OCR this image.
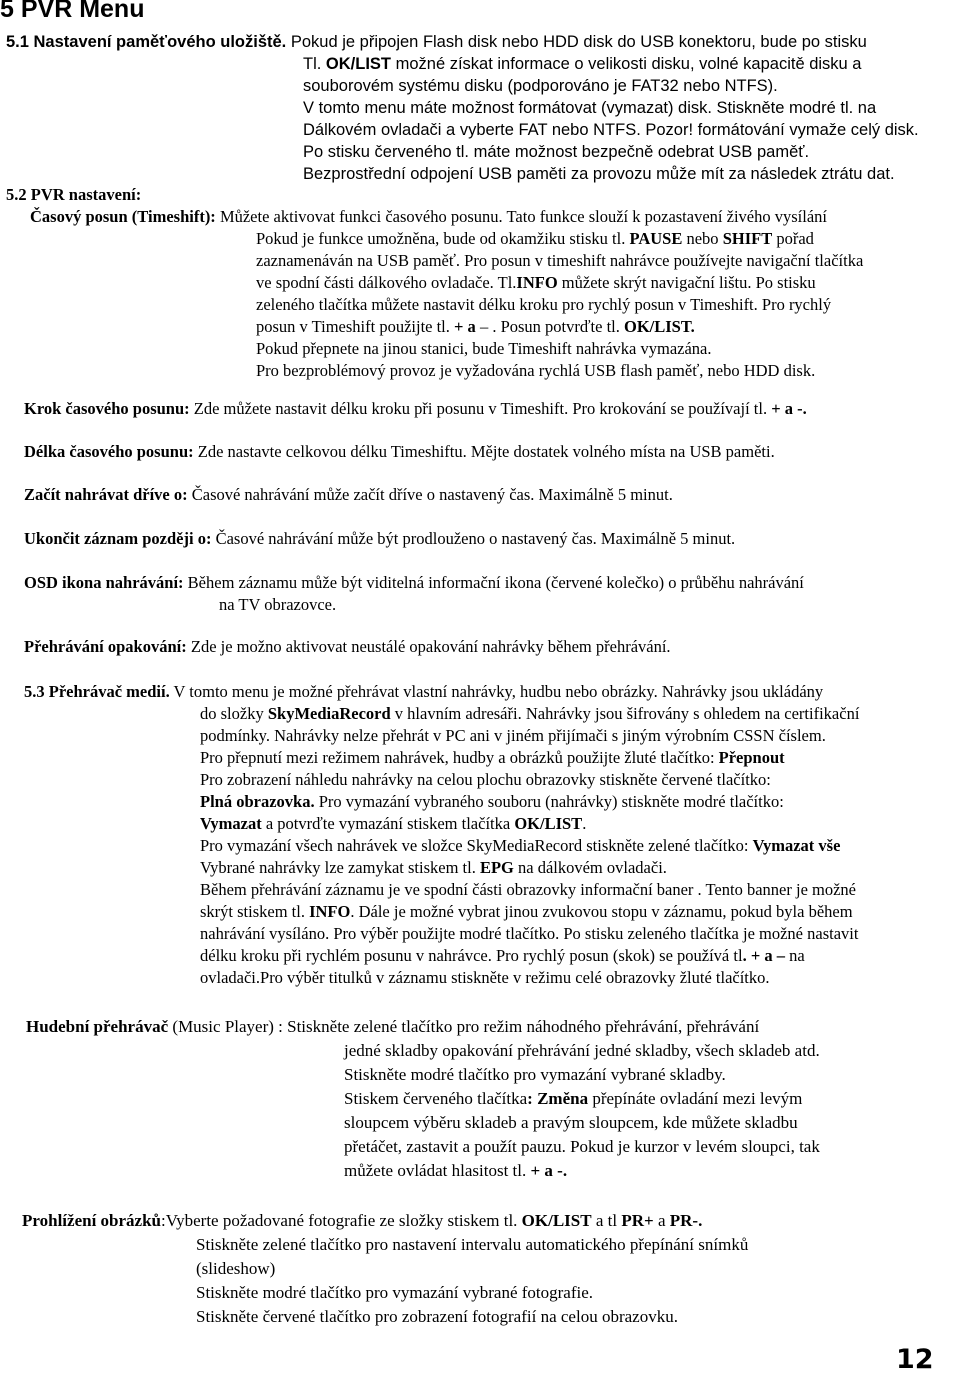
5 PVR Menu
5.1 Nastavení paměťového uložiště. Pokud je připojen Flash disk nebo HDD disk do USB konektoru, bude po stisku
Tl. OK/LIST možné získat informace o velikosti disku, volné kapacitě disku a
souborovém systému disku (podporováno je FAT32 nebo NTFS).
V tomto menu máte možnost formátovat (vymazat) disk. Stiskněte modré tl. na
Dálkovém ovladači a vyberte FAT nebo NTFS. Pozor! formátování vymaže celý disk.
Po stisku červeného tl. máte možnost bezpečně odebrat USB paměť.
Bezprostřední odpojení USB paměti za provozu může mít za následek ztrátu dat.
5.2 PVR nastavení:
Časový posun (Timeshift): Můžete aktivovat funkci časového posunu. Tato funkce slouží k pozastavení živého vysílání
Pokud je funkce umožněna, bude od okamžiku stisku tl. PAUSE nebo SHIFT pořad
zaznamenáván na USB paměť. Pro posun v timeshift nahrávce používejte navigační tlačítka
ve spodní části dálkového ovladače. Tl.INFO můžete skrýt navigační lištu. Po stisku
zeleného tlačítka můžete nastavit délku kroku pro rychlý posun v Timeshift. Pro rychlý
posun v Timeshift použijte tl. + a – . Posun potvrďte tl. OK/LIST.
Pokud přepnete na jinou stanici, bude Timeshift nahrávka vymazána.
Pro bezproblémový provoz je vyžadována rychlá USB flash paměť, nebo HDD disk.
Krok časového posunu: Zde můžete nastavit délku kroku při posunu v Timeshift. Pro krokování se používají tl. + a -.
Délka časového posunu: Zde nastavte celkovou délku Timeshiftu. Mějte dostatek volného místa na USB paměti.
Začít nahrávat dříve o: Časové nahrávání může začít dříve o nastavený čas. Maximálně 5 minut.
Ukončit záznam později o: Časové nahrávání může být prodlouženo o nastavený čas. Maximálně 5 minut.
OSD ikona nahrávání: Během záznamu může být viditelná informační ikona (červené kolečko) o průběhu nahrávání
na TV obrazovce.
Přehrávání opakování: Zde je možno aktivovat neustálé opakování nahrávky během přehrávání.
5.3 Přehrávač medií. V tomto menu je možné přehrávat vlastní nahrávky, hudbu nebo obrázky. Nahrávky jsou ukládány
do složky SkyMediaRecord v hlavním adresáři. Nahrávky jsou šifrovány s ohledem na certifikační
podmínky. Nahrávky nelze přehrát v PC ani v jiném přijímači s jiným výrobním CSSN číslem.
Pro přepnutí mezi režimem nahrávek, hudby a obrázků použijte žluté tlačítko: Přepnout
Pro zobrazení náhledu nahrávky na celou plochu obrazovky stiskněte červené tlačítko:
Plná obrazovka. Pro vymazání vybraného souboru (nahrávky) stiskněte modré tlačítko:
Vymazat a potvrďte vymazání stiskem tlačítka OK/LIST.
Pro vymazání všech nahrávek ve složce SkyMediaRecord stiskněte zelené tlačítko: Vymazat vše
Vybrané nahrávky lze zamykat stiskem tl. EPG na dálkovém ovladači.
Během přehrávání záznamu je ve spodní části obrazovky informační baner . Tento banner je možné
skrýt stiskem tl. INFO. Dále je možné vybrat jinou zvukovou stopu v záznamu, pokud byla během
nahrávání vysíláno. Pro výběr použijte modré tlačítko. Po stisku zeleného tlačítka je možné nastavit
délku kroku při rychlém posunu v nahrávce. Pro rychlý posun (skok) se používá tl. + a – na
ovladači.Pro výběr titulků v záznamu stiskněte v režimu celé obrazovky žluté tlačítko.
Hudební přehrávač (Music Player) : Stiskněte zelené tlačítko pro režim náhodného přehrávání, přehrávání
jedné skladby opakování přehrávání jedné skladby, všech skladeb atd.
Stiskněte modré tlačítko pro vymazání vybrané skladby.
Stiskem červeného tlačítka: Změna přepínáte ovladání mezi levým
sloupcem výběru skladeb a pravým sloupcem, kde můžete skladbu
přetáčet, zastavit a použít pauzu. Pokud je kurzor v levém sloupci, tak
můžete ovládat hlasitost tl. + a -.
Prohlížení obrázků:Vyberte požadované fotografie ze složky stiskem tl. OK/LIST a tl PR+ a PR-.
Stiskněte zelené tlačítko pro nastavení intervalu automatického přepínání snímků
(slideshow)
Stiskněte modré tlačítko pro vymazání vybrané fotografie.
Stiskněte červené tlačítko pro zobrazení fotografií na celou obrazovku.
12
